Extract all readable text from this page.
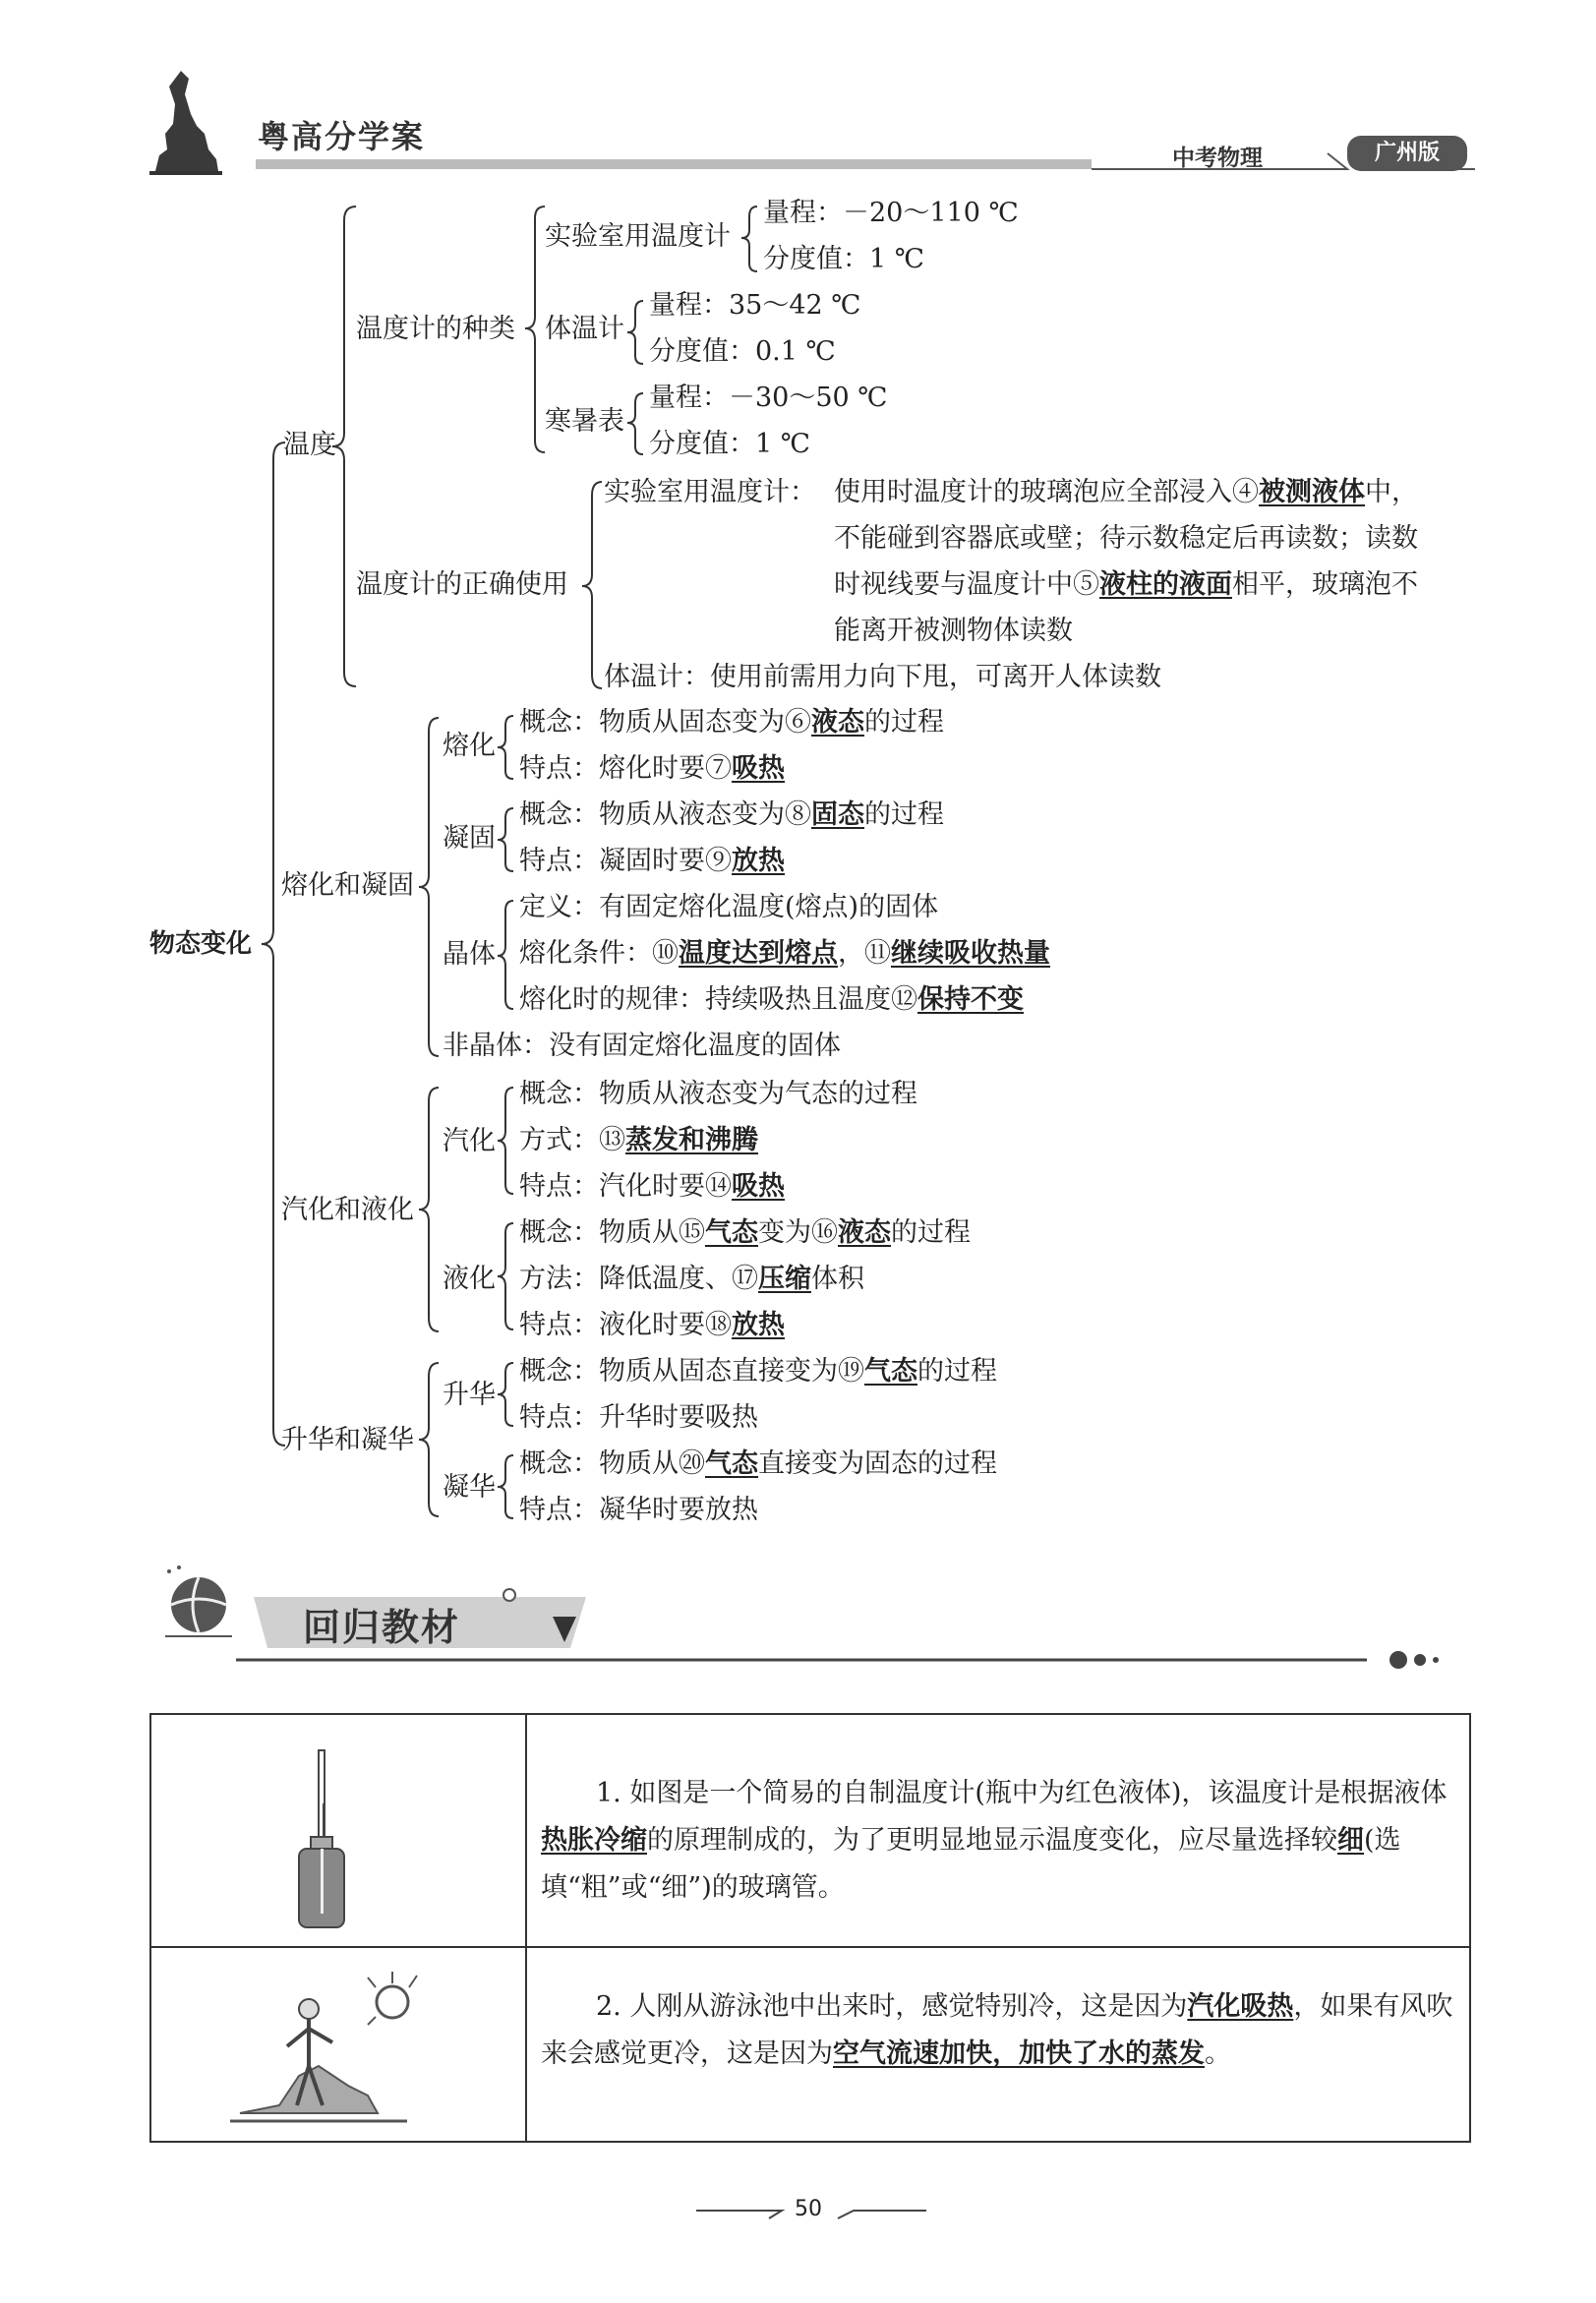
粤高分学案
中考物理	广州版
物态变化
温度
温度计的种类
实验室用温度计
量程：－20～110 ℃
分度值：1 ℃
体温计
量程：35～42 ℃
分度值：0.1 ℃
寒暑表
量程：－30～50 ℃
分度值：1 ℃
温度计的正确使用
实验室用温度计： 使用时温度计的玻璃泡应全部浸入④被测液体中，
不能碰到容器底或壁；待示数稳定后再读数；读数
时视线要与温度计中⑤液柱的液面相平，玻璃泡不
能离开被测物体读数
体温计：使用前需用力向下甩，可离开人体读数
熔化和凝固
熔化
概念：物质从固态变为⑥液态的过程
特点：熔化时要⑦吸热
凝固
概念：物质从液态变为⑧固态的过程
特点：凝固时要⑨放热
晶体
定义：有固定熔化温度(熔点)的固体
熔化条件：⑩温度达到熔点，⑪继续吸收热量
熔化时的规律：持续吸热且温度⑫保持不变
非晶体：没有固定熔化温度的固体
汽化和液化
汽化
概念：物质从液态变为气态的过程
方式：⑬蒸发和沸腾
特点：汽化时要⑭吸热
液化
概念：物质从⑮气态变为⑯液态的过程
方法：降低温度、⑰压缩体积
特点：液化时要⑱放热
升华和凝华
升华
概念：物质从固态直接变为⑲气态的过程
特点：升华时要吸热
凝华
概念：物质从⑳气态直接变为固态的过程
特点：凝华时要放热
回归教材
1. 如图是一个简易的自制温度计(瓶中为红色液体)，该温度计是根据液体热胀冷缩的原理制成的，为了更明显地显示温度变化，应尽量选择较细(选填“粗”或“细”)的玻璃管。
2. 人刚从游泳池中出来时，感觉特别冷，这是因为汽化吸热，如果有风吹来会感觉更冷，这是因为空气流速加快，加快了水的蒸发。
50
